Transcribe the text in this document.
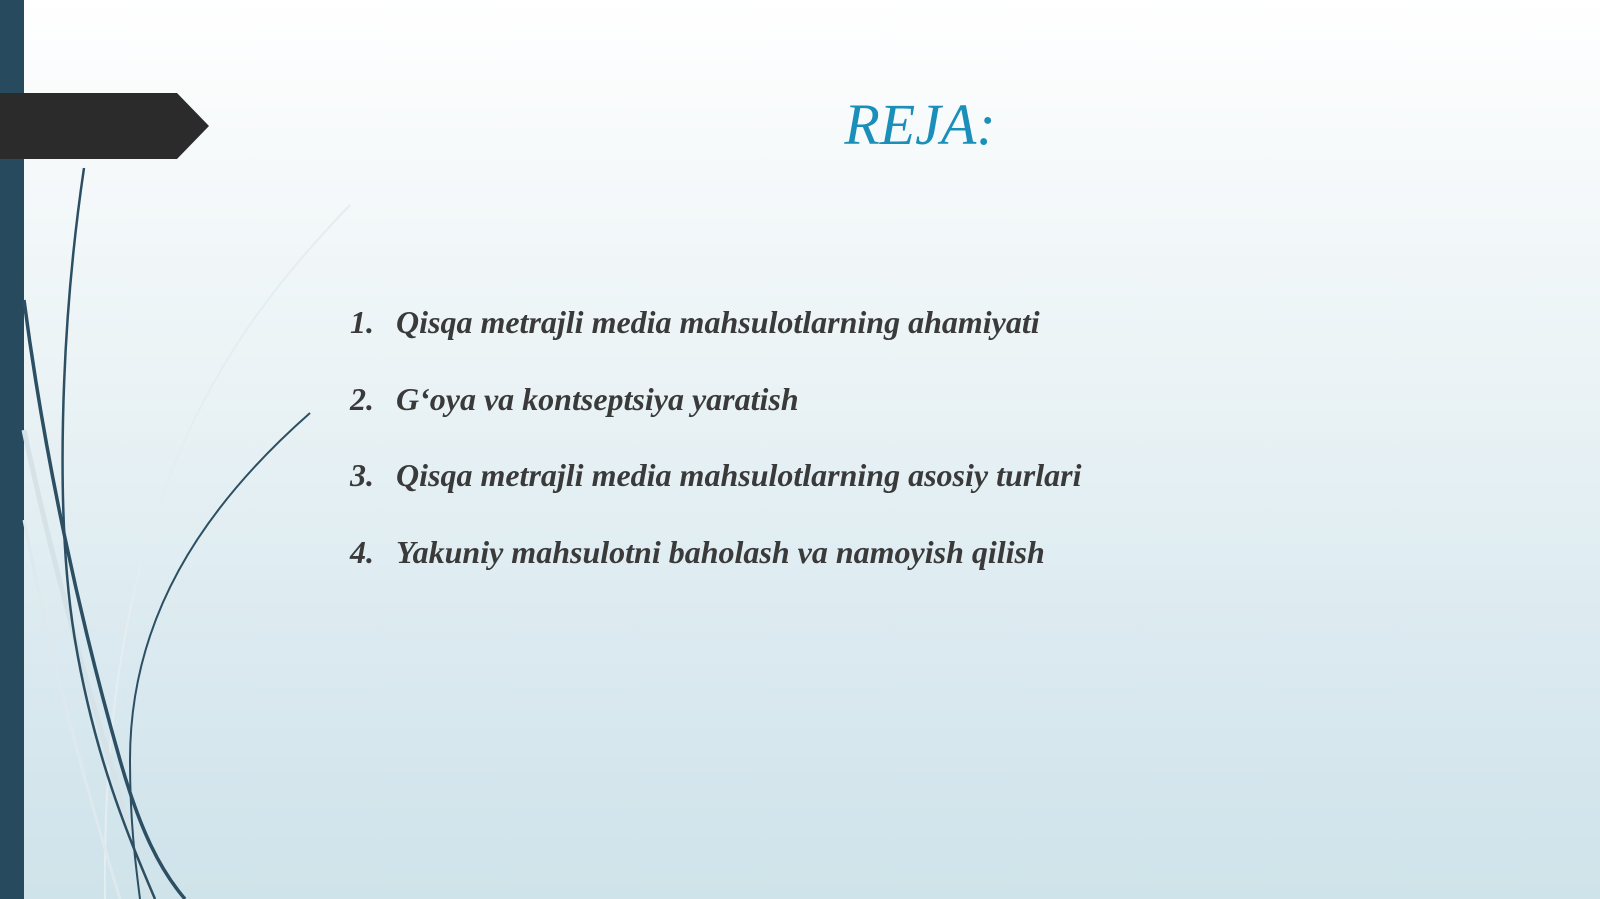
REJA:
1. Qisqa metrajli media mahsulotlarning ahamiyati
2. G‘oya va kontseptsiya yaratish
3. Qisqa metrajli media mahsulotlarning asosiy turlari
4. Yakuniy mahsulotni baholash va namoyish qilish
